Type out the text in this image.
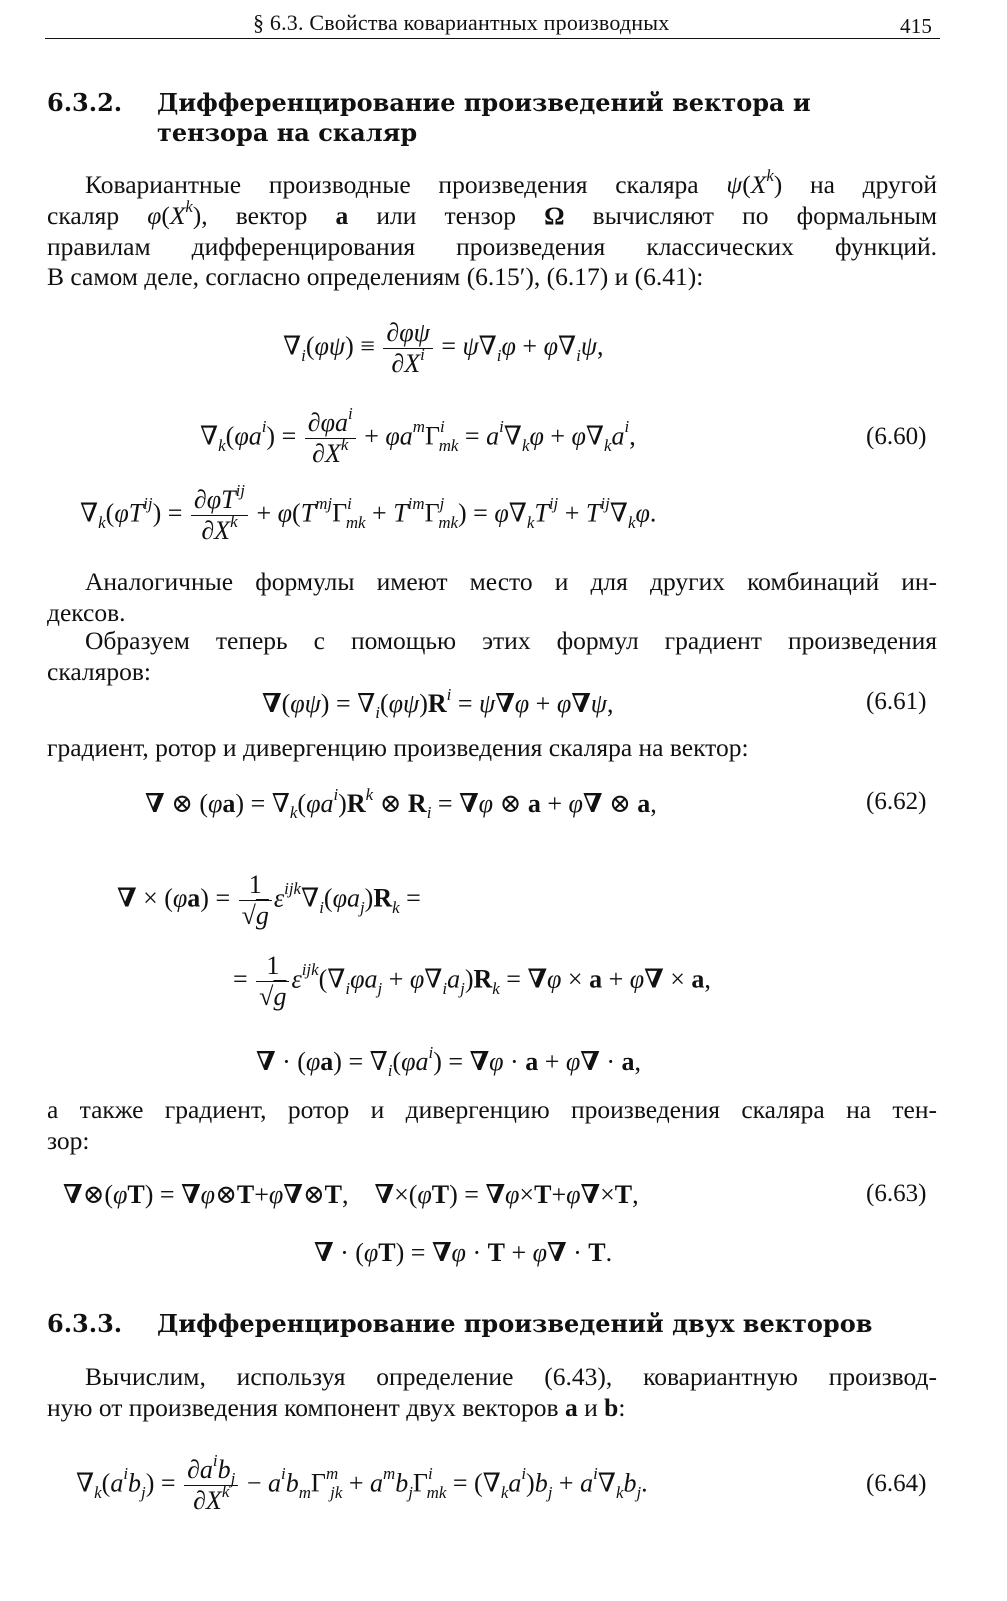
§ 6.3. Свойства ковариантных производных	415
6.3.2. Дифференцирование произведений вектора и
тензора на скаляр
Ковариантные производные произведения скаляра $\psi(X^k)$ на другой
скаляр $\varphi(X^k)$, вектор a или тензор Ω вычисляют по формальным
правилам дифференцирования произведения классических функций.
В самом деле, согласно определениям (6.15′), (6.17) и (6.41):
$\nabla_i(\varphi\psi) \equiv \frac{\partial\varphi\psi}{\partial X^i} = \psi\nabla_i\varphi + \varphi\nabla_i\psi$,
$\nabla_k(\varphi a^i) = \frac{\partial\varphi a^i}{\partial X^k} + \varphi a^m\Gamma^i_{mk} = a^i\nabla_k\varphi + \varphi\nabla_ka^i$,	(6.60)
$\nabla_k(\varphi T^{ij}) = \frac{\partial\varphi T^{ij}}{\partial X^k} + \varphi(T^{mj}\Gamma^i_{mk} + T^{im}\Gamma^j_{mk}) = \varphi\nabla_kT^{ij} + T^{ij}\nabla_k\varphi$.
Аналогичные формулы имеют место и для других комбинаций ин-
дексов.
Образуем теперь с помощью этих формул градиент произведения
скаляров:
$\nabla(\varphi\psi) = \nabla_i(\varphi\psi)R^i = \psi\nabla\varphi + \varphi\nabla\psi$,	(6.61)
градиент, ротор и дивергенцию произведения скаляра на вектор:
∇ ⊗ $(\varphi a) = \nabla_k(\varphi a^i)R^k$ ⊗ $R_i = \nabla\varphi$ ⊗ a + φ∇ ⊗ a,	(6.62)
∇ × $(\varphi a) = \frac{1}{√g} \varepsilon^{ijk}\nabla_i(\varphi a_j)R_k$ =
= $\frac{1}{√g} \varepsilon^{ijk}(\nabla_i\varphi a_j + \varphi\nabla_ia_j)R_k = \nabla\varphi \times a + \varphi\nabla \times a$,
∇ · $(\varphi a) = \nabla_i(\varphi a^i) = \nabla\varphi \cdot a + \varphi\nabla \cdot a$,
а также градиент, ротор и дивергенцию произведения скаляра на тен-
зор:
∇⊗(φT) = ∇φ⊗T+φ∇⊗T,    ∇×(φT) = ∇φ×T+φ∇×T,	(6.63)
∇ · (φT) = ∇φ · T + φ∇ · T.
6.3.3. Дифференцирование произведений двух векторов
Вычислим, используя определение (6.43), ковариантную производ-
ную от произведения компонент двух векторов a и b:
$\nabla_k(a^ib_j) = \frac{\partial a^ib_j}{\partial X^k} - a^ib_m\Gamma^m_{jk} + a^mb_j\Gamma^i_{mk} = (\nabla_ka^i)b_j + a^i\nabla_kb_j$.	(6.64)
